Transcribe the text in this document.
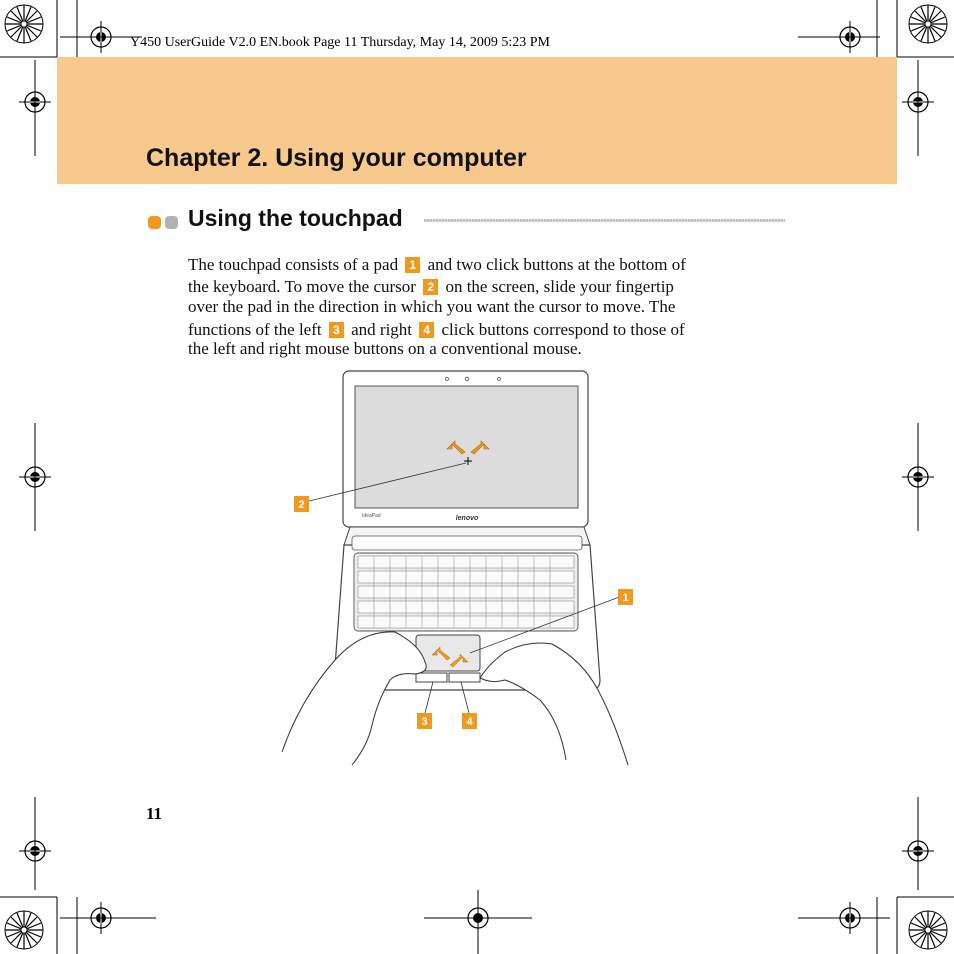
Y450 UserGuide V2.0 EN.book Page 11 Thursday, May 14, 2009 5:23 PM
Chapter 2. Using your computer
Using the touchpad
The touchpad consists of a pad 1 and two click buttons at the bottom of
the keyboard. To move the cursor 2 on the screen, slide your fingertip
over the pad in the direction in which you want the cursor to move. The
functions of the left 3 and right 4 click buttons correspond to those of
the left and right mouse buttons on a conventional mouse.
lenovo
IdeaPad
2
1
3	4
11
